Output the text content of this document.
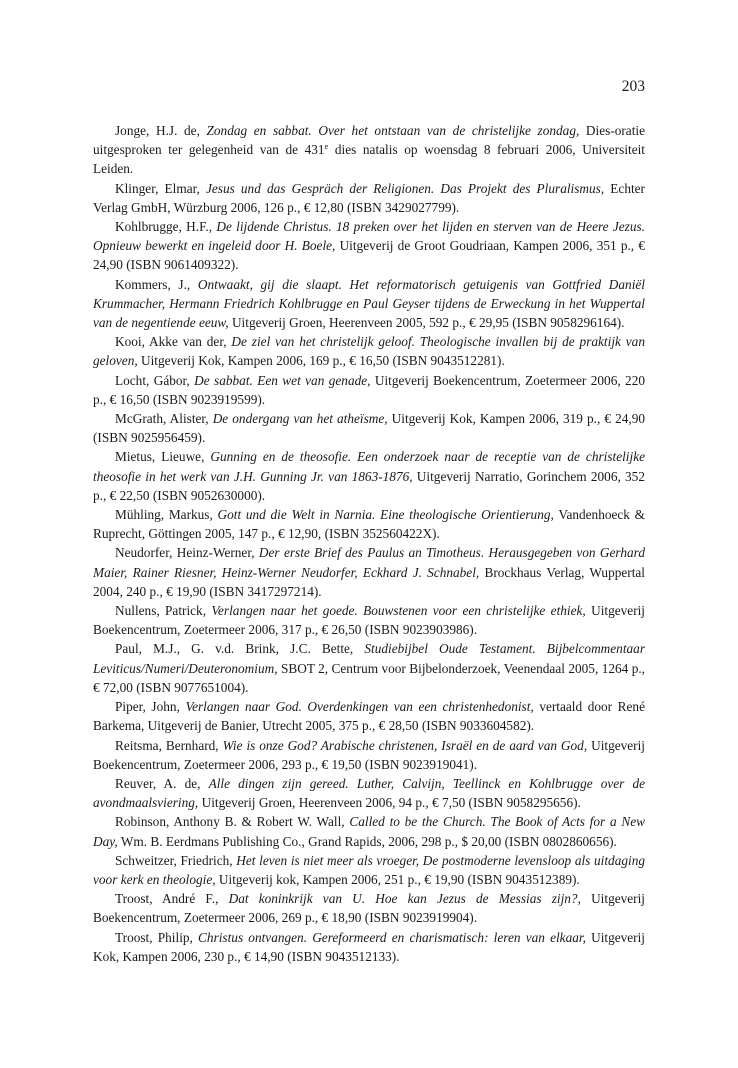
203

Jonge, H.J. de, Zondag en sabbat. Over het ontstaan van de christelijke zondag, Dies-oratie uitgesproken ter gelegenheid van de 431e dies natalis op woensdag 8 februari 2006, Universiteit Leiden.

Klinger, Elmar, Jesus und das Gespräch der Religionen. Das Projekt des Pluralismus, Echter Verlag GmbH, Würzburg 2006, 126 p., € 12,80 (ISBN 3429027799).

Kohlbrugge, H.F., De lijdende Christus. 18 preken over het lijden en sterven van de Heere Jezus. Opnieuw bewerkt en ingeleid door H. Boele, Uitgeverij de Groot Goudriaan, Kampen 2006, 351 p., € 24,90 (ISBN 9061409322).

Kommers, J., Ontwaakt, gij die slaapt. Het reformatorisch getuigenis van Gottfried Daniël Krummacher, Hermann Friedrich Kohlbrugge en Paul Geyser tijdens de Erweckung in het Wuppertal van de negentiende eeuw, Uitgeverij Groen, Heerenveen 2005, 592 p., € 29,95 (ISBN 9058296164).

Kooi, Akke van der, De ziel van het christelijk geloof. Theologische invallen bij de praktijk van geloven, Uitgeverij Kok, Kampen 2006, 169 p., € 16,50 (ISBN 9043512281).

Locht, Gábor, De sabbat. Een wet van genade, Uitgeverij Boekencentrum, Zoetermeer 2006, 220 p., € 16,50 (ISBN 9023919599).

McGrath, Alister, De ondergang van het atheïsme, Uitgeverij Kok, Kampen 2006, 319 p., € 24,90 (ISBN 9025956459).

Mietus, Lieuwe, Gunning en de theosofie. Een onderzoek naar de receptie van de christelijke theosofie in het werk van J.H. Gunning Jr. van 1863-1876, Uitgeverij Narratio, Gorinchem 2006, 352 p., € 22,50 (ISBN 9052630000).

Mühling, Markus, Gott und die Welt in Narnia. Eine theologische Orientierung, Vandenhoeck & Ruprecht, Göttingen 2005, 147 p., € 12,90, (ISBN 352560422X).

Neudorfer, Heinz-Werner, Der erste Brief des Paulus an Timotheus. Herausgegeben von Gerhard Maier, Rainer Riesner, Heinz-Werner Neudorfer, Eckhard J. Schnabel, Brockhaus Verlag, Wuppertal 2004, 240 p., € 19,90 (ISBN 3417297214).

Nullens, Patrick, Verlangen naar het goede. Bouwstenen voor een christelijke ethiek, Uitgeverij Boekencentrum, Zoetermeer 2006, 317 p., € 26,50 (ISBN 9023903986).

Paul, M.J., G. v.d. Brink, J.C. Bette, Studiebijbel Oude Testament. Bijbelcommentaar Leviticus/Numeri/Deuteronomium, SBOT 2, Centrum voor Bijbelonderzoek, Veenendaal 2005, 1264 p., € 72,00 (ISBN 9077651004).

Piper, John, Verlangen naar God. Overdenkingen van een christenhedonist, vertaald door René Barkema, Uitgeverij de Banier, Utrecht 2005, 375 p., € 28,50 (ISBN 9033604582).

Reitsma, Bernhard, Wie is onze God? Arabische christenen, Israël en de aard van God, Uitgeverij Boekencentrum, Zoetermeer 2006, 293 p., € 19,50 (ISBN 9023919041).

Reuver, A. de, Alle dingen zijn gereed. Luther, Calvijn, Teellinck en Kohlbrugge over de avondmaalsviering, Uitgeverij Groen, Heerenveen 2006, 94 p., € 7,50 (ISBN 9058295656).

Robinson, Anthony B. & Robert W. Wall, Called to be the Church. The Book of Acts for a New Day, Wm. B. Eerdmans Publishing Co., Grand Rapids, 2006, 298 p., $ 20,00 (ISBN 0802860656).

Schweitzer, Friedrich, Het leven is niet meer als vroeger, De postmoderne levensloop als uitdaging voor kerk en theologie, Uitgeverij kok, Kampen 2006, 251 p., € 19,90 (ISBN 9043512389).

Troost, André F., Dat koninkrijk van U. Hoe kan Jezus de Messias zijn?, Uitgeverij Boekencentrum, Zoetermeer 2006, 269 p., € 18,90 (ISBN 9023919904).

Troost, Philip, Christus ontvangen. Gereformeerd en charismatisch: leren van elkaar, Uitgeverij Kok, Kampen 2006, 230 p., € 14,90 (ISBN 9043512133).
